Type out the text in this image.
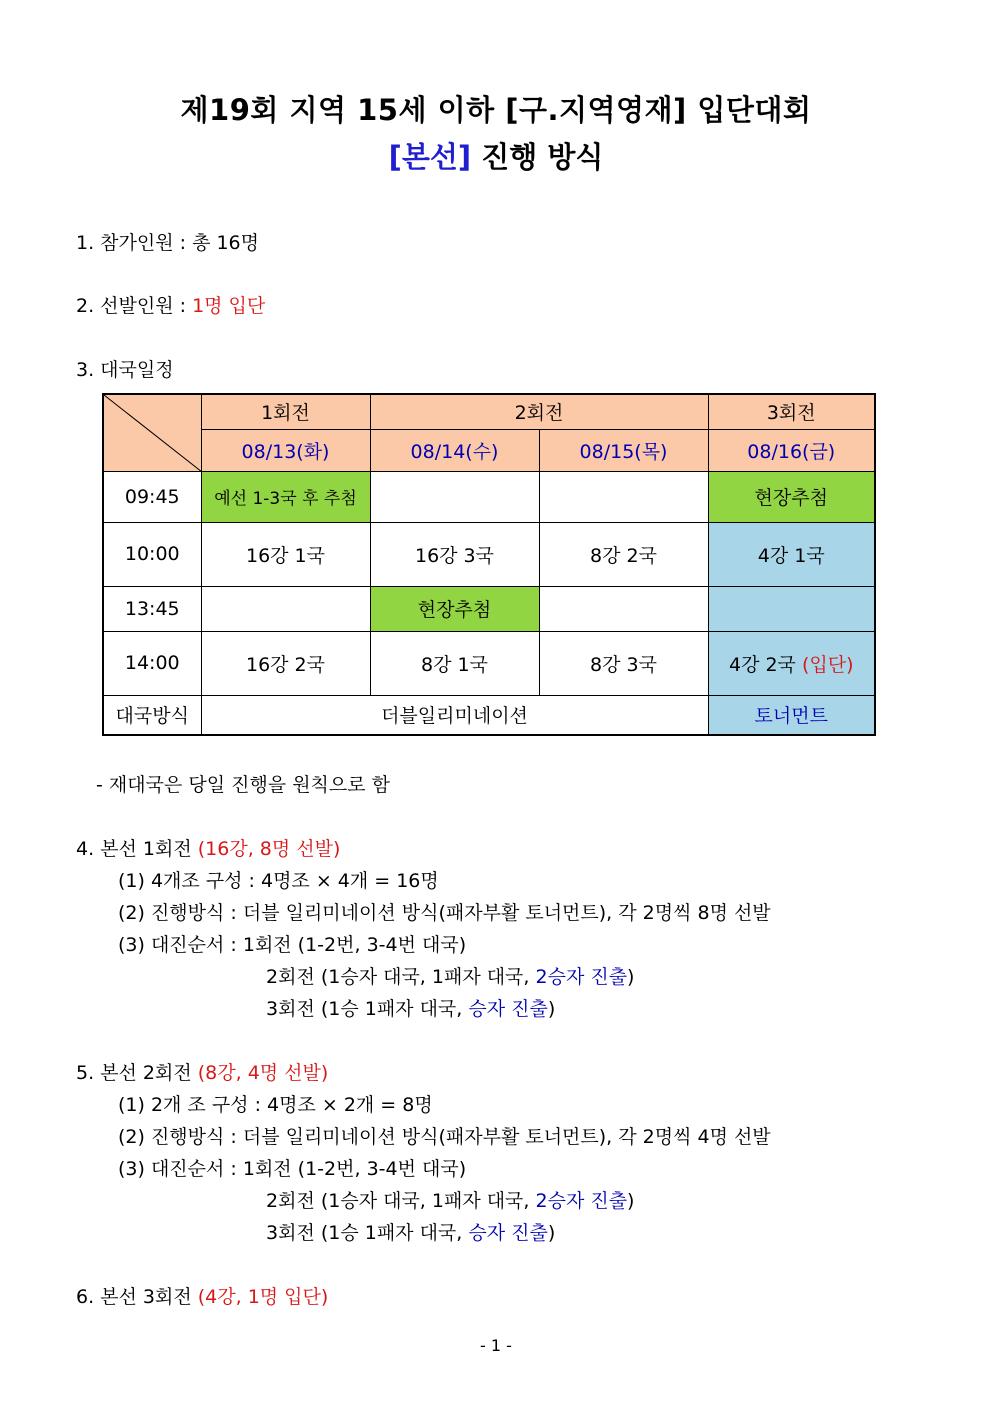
제19회 지역 15세 이하 [구.지역영재] 입단대회
[본선] 진행 방식
1. 참가인원 : 총 16명
2. 선발인원 : 1명 입단
3. 대국일정
	1회전	2회전		3회전
	08/13(화)	08/14(수)	08/15(목)	08/16(금)
09:45	예선 1-3국 후 추첨			현장추첨
10:00	16강 1국	16강 3국	8강 2국	4강 1국
13:45		현장추첨		
14:00	16강 2국	8강 1국	8강 3국	4강 2국 (입단)
대국방식	더블일리미네이션			토너먼트
- 재대국은 당일 진행을 원칙으로 함
4. 본선 1회전 (16강, 8명 선발)
(1) 4개조 구성 : 4명조 × 4개 = 16명
(2) 진행방식 : 더블 일리미네이션 방식(패자부활 토너먼트), 각 2명씩 8명 선발
(3) 대진순서 : 1회전 (1-2번, 3-4번 대국)
2회전 (1승자 대국, 1패자 대국, 2승자 진출)
3회전 (1승 1패자 대국, 승자 진출)
5. 본선 2회전 (8강, 4명 선발)
(1) 2개 조 구성 : 4명조 × 2개 = 8명
(2) 진행방식 : 더블 일리미네이션 방식(패자부활 토너먼트), 각 2명씩 4명 선발
(3) 대진순서 : 1회전 (1-2번, 3-4번 대국)
2회전 (1승자 대국, 1패자 대국, 2승자 진출)
3회전 (1승 1패자 대국, 승자 진출)
6. 본선 3회전 (4강, 1명 입단)
- 1 -
